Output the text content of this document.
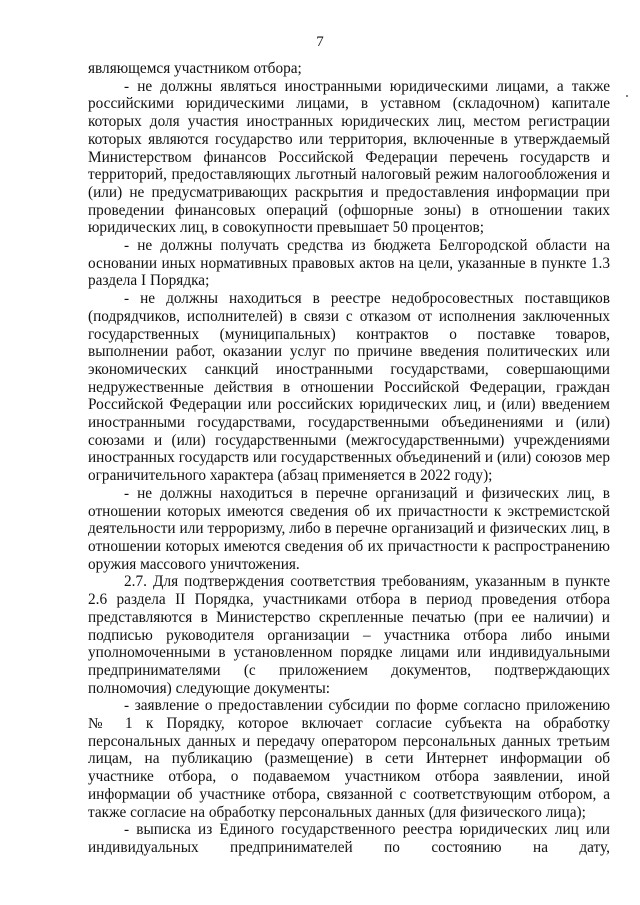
7

являющемся участником отбора;

- не должны являться иностранными юридическими лицами, а также российскими юридическими лицами, в уставном (складочном) капитале которых доля участия иностранных юридических лиц, местом регистрации которых являются государство или территория, включенные в утверждаемый Министерством финансов Российской Федерации перечень государств и территорий, предоставляющих льготный налоговый режим налогообложения и (или) не предусматривающих раскрытия и предоставления информации при проведении финансовых операций (офшорные зоны) в отношении таких юридических лиц, в совокупности превышает 50 процентов;

- не должны получать средства из бюджета Белгородской области на основании иных нормативных правовых актов на цели, указанные в пункте 1.3 раздела I Порядка;

- не должны находиться в реестре недобросовестных поставщиков (подрядчиков, исполнителей) в связи с отказом от исполнения заключенных государственных (муниципальных) контрактов о поставке товаров, выполнении работ, оказании услуг по причине введения политических или экономических санкций иностранными государствами, совершающими недружественные действия в отношении Российской Федерации, граждан Российской Федерации или российских юридических лиц, и (или) введением иностранными государствами, государственными объединениями и (или) союзами и (или) государственными (межгосударственными) учреждениями иностранных государств или государственных объединений и (или) союзов мер ограничительного характера (абзац применяется в 2022 году);

- не должны находиться в перечне организаций и физических лиц, в отношении которых имеются сведения об их причастности к экстремистской деятельности или терроризму, либо в перечне организаций и физических лиц, в отношении которых имеются сведения об их причастности к распространению оружия массового уничтожения.

2.7. Для подтверждения соответствия требованиям, указанным в пункте 2.6 раздела II Порядка, участниками отбора в период проведения отбора представляются в Министерство скрепленные печатью (при ее наличии) и подписью руководителя организации – участника отбора либо иными уполномоченными в установленном порядке лицами или индивидуальными предпринимателями (с приложением документов, подтверждающих полномочия) следующие документы:

- заявление о предоставлении субсидии по форме согласно приложению № 1 к Порядку, которое включает согласие субъекта на обработку персональных данных и передачу оператором персональных данных третьим лицам, на публикацию (размещение) в сети Интернет информации об участнике отбора, о подаваемом участником отбора заявлении, иной информации об участнике отбора, связанной с соответствующим отбором, а также согласие на обработку персональных данных (для физического лица);

- выписка из Единого государственного реестра юридических лиц или индивидуальных предпринимателей по состоянию на дату,
